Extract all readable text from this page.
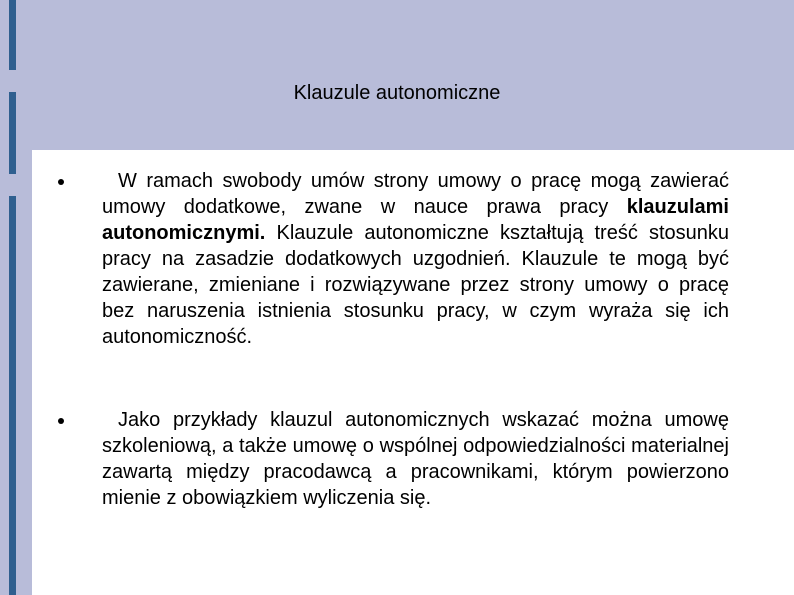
Klauzule autonomiczne

W ramach swobody umów strony umowy o pracę mogą zawierać umowy dodatkowe, zwane w nauce prawa pracy klauzulami autonomicznymi. Klauzule autonomiczne kształtują treść stosunku pracy na zasadzie dodatkowych uzgodnień. Klauzule te mogą być zawierane, zmieniane i rozwiązywane przez strony umowy o pracę bez naruszenia istnienia stosunku pracy, w czym wyraża się ich autonomiczność.

Jako przykłady klauzul autonomicznych wskazać można umowę szkoleniową, a także umowę o wspólnej odpowiedzialności materialnej zawartą między pracodawcą a pracownikami, którym powierzono mienie z obowiązkiem wyliczenia się.
